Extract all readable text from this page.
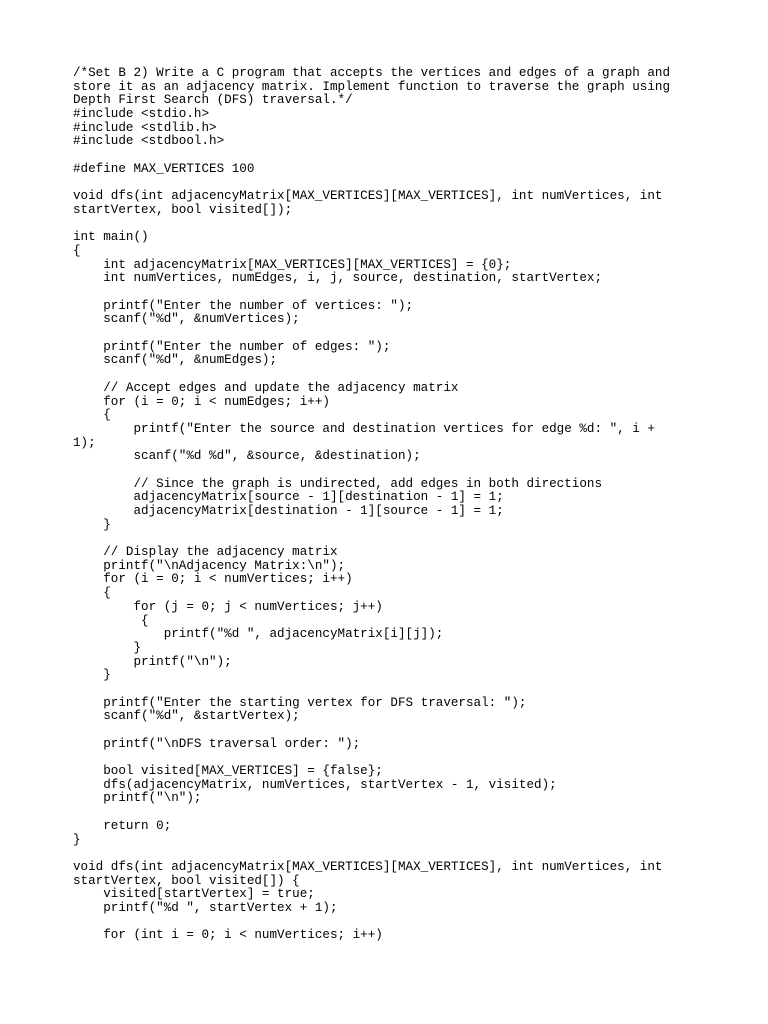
/*Set B 2) Write a C program that accepts the vertices and edges of a graph and
store it as an adjacency matrix. Implement function to traverse the graph using
Depth First Search (DFS) traversal.*/
#include <stdio.h>
#include <stdlib.h>
#include <stdbool.h>

#define MAX_VERTICES 100

void dfs(int adjacencyMatrix[MAX_VERTICES][MAX_VERTICES], int numVertices, int
startVertex, bool visited[]);

int main()
{
int adjacencyMatrix[MAX_VERTICES][MAX_VERTICES] = {0};
int numVertices, numEdges, i, j, source, destination, startVertex;

printf("Enter the number of vertices: ");
scanf("%d", &numVertices);

printf("Enter the number of edges: ");
scanf("%d", &numEdges);

// Accept edges and update the adjacency matrix
for (i = 0; i < numEdges; i++)
{
printf("Enter the source and destination vertices for edge %d: ", i +
1);
scanf("%d %d", &source, &destination);

// Since the graph is undirected, add edges in both directions
adjacencyMatrix[source - 1][destination - 1] = 1;
adjacencyMatrix[destination - 1][source - 1] = 1;
}

// Display the adjacency matrix
printf("\nAdjacency Matrix:\n");
for (i = 0; i < numVertices; i++)
{
for (j = 0; j < numVertices; j++)
{
printf("%d ", adjacencyMatrix[i][j]);
}
printf("\n");
}

printf("Enter the starting vertex for DFS traversal: ");
scanf("%d", &startVertex);

printf("\nDFS traversal order: ");

bool visited[MAX_VERTICES] = {false};
dfs(adjacencyMatrix, numVertices, startVertex - 1, visited);
printf("\n");

return 0;
}

void dfs(int adjacencyMatrix[MAX_VERTICES][MAX_VERTICES], int numVertices, int
startVertex, bool visited[]) {
visited[startVertex] = true;
printf("%d ", startVertex + 1);

for (int i = 0; i < numVertices; i++)
